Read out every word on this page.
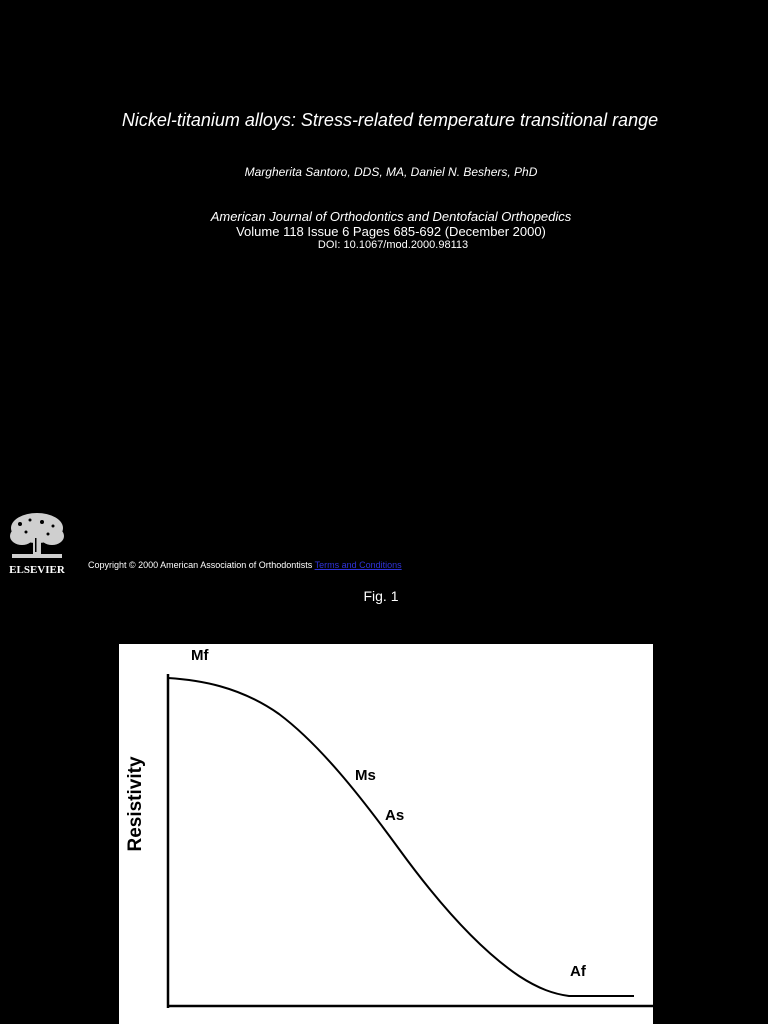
Nickel-titanium alloys: Stress-related temperature transitional range
Margherita Santoro, DDS, MA, Daniel N. Beshers, PhD
American Journal of Orthodontics and Dentofacial Orthopedics
Volume 118 Issue 6 Pages 685-692 (December 2000)
DOI: 10.1067/mod.2000.98113
ELSEVIER	Copyright © 2000 American Association of Orthodontists Terms and Conditions
Fig. 1
Resistivity
Mf
Ms
As
Af
